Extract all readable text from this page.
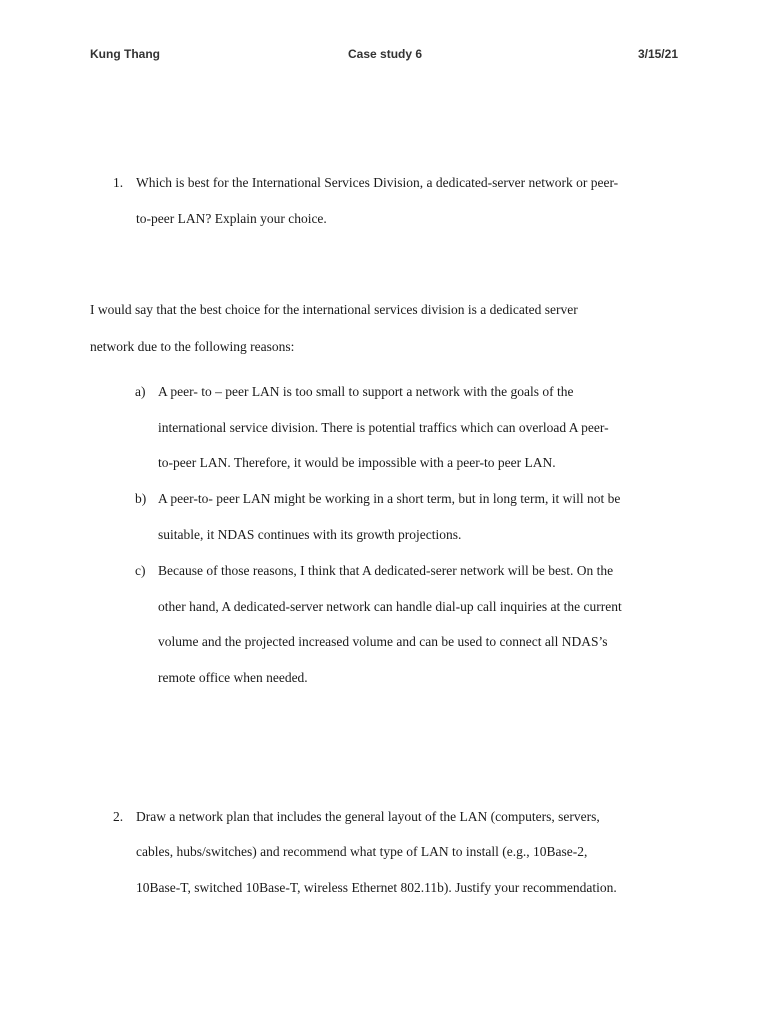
Kung Thang	Case study 6	3/15/21
1. Which is best for the International Services Division, a dedicated-server network or peer-
to-peer LAN? Explain your choice.
I would say that the best choice for the international services division is a dedicated server
network due to the following reasons:
a) A peer- to – peer LAN is too small to support a network with the goals of the
international service division. There is potential traffics which can overload A peer-
to-peer LAN. Therefore, it would be impossible with a peer-to peer LAN.
b) A peer-to- peer LAN might be working in a short term, but in long term, it will not be
suitable, it NDAS continues with its growth projections.
c) Because of those reasons, I think that A dedicated-serer network will be best. On the
other hand, A dedicated-server network can handle dial-up call inquiries at the current
volume and the projected increased volume and can be used to connect all NDAS’s
remote office when needed.
2. Draw a network plan that includes the general layout of the LAN (computers, servers,
cables, hubs/switches) and recommend what type of LAN to install (e.g., 10Base-2,
10Base-T, switched 10Base-T, wireless Ethernet 802.11b). Justify your recommendation.
